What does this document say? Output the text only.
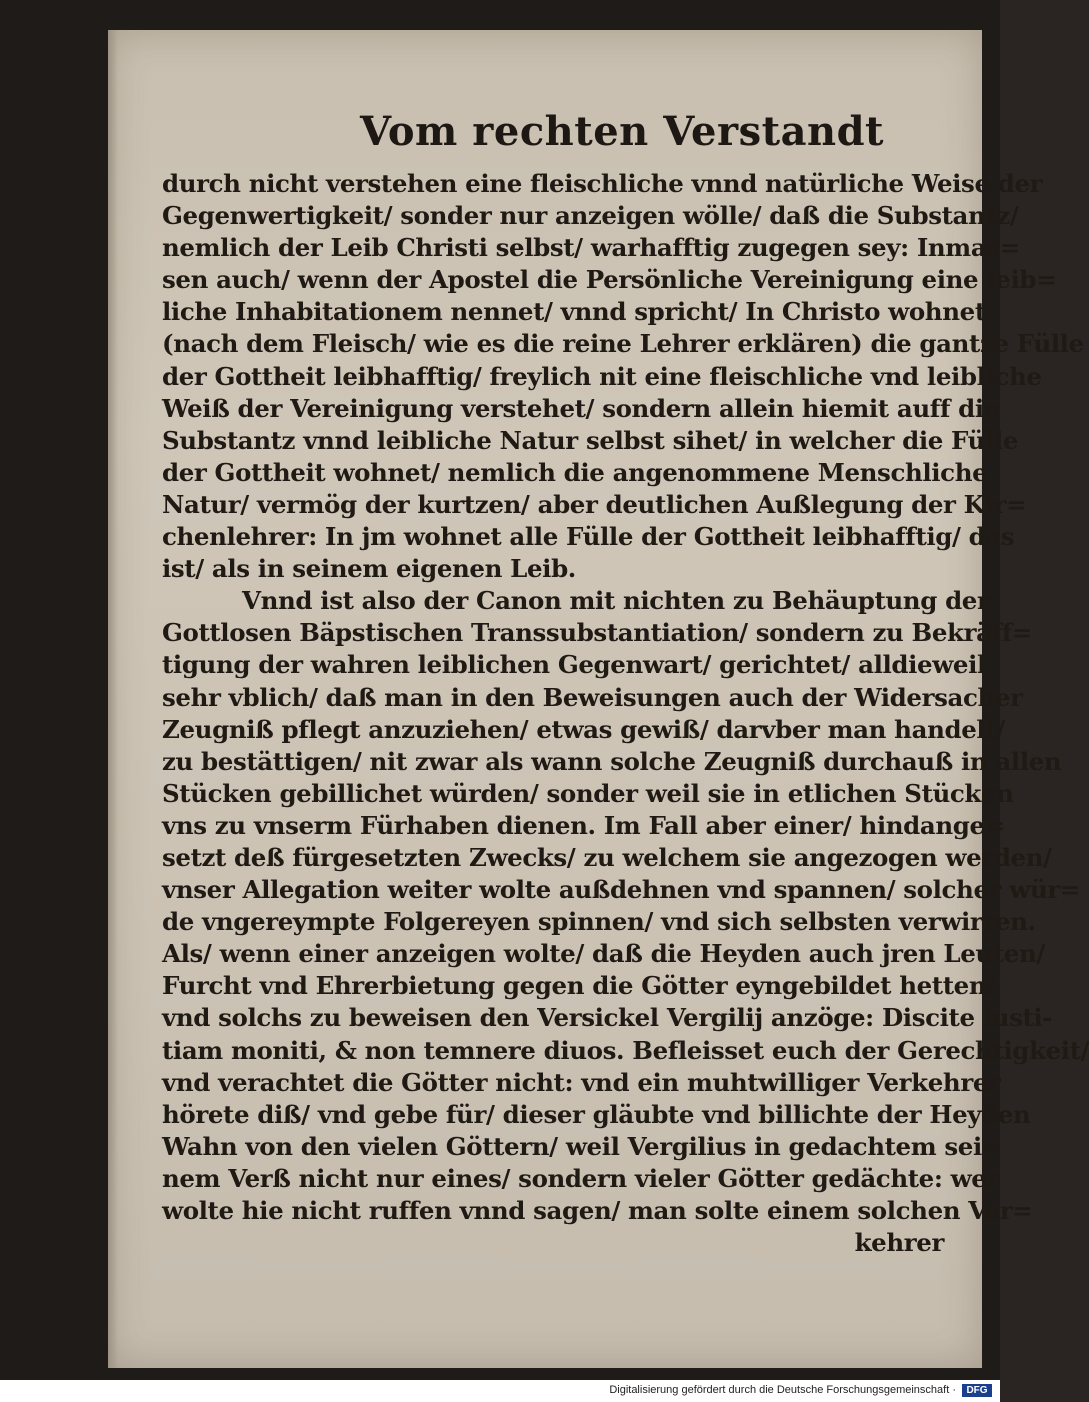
Vom rechten Verstandt
durch nicht verstehen eine fleischliche vnnd natürliche Weise der
Gegenwertigkeit/ sonder nur anzeigen wölle/ daß die Substantz/
nemlich der Leib Christi selbst/ warhafftig zugegen sey: Inmas=
sen auch/ wenn der Apostel die Persönliche Vereinigung eine leib=
liche Inhabitationem nennet/ vnnd spricht/ In Christo wohnet
(nach dem Fleisch/ wie es die reine Lehrer erklären) die gantze Fülle
der Gottheit leibhafftig/ freylich nit eine fleischliche vnd leibliche
Weiß der Vereinigung verstehet/ sondern allein hiemit auff die
Substantz vnnd leibliche Natur selbst sihet/ in welcher die Fülle
der Gottheit wohnet/ nemlich die angenommene Menschliche
Natur/ vermög der kurtzen/ aber deutlichen Außlegung der Kir=
chenlehrer: In jm wohnet alle Fülle der Gottheit leibhafftig/ das
ist/ als in seinem eigenen Leib.
Vnnd ist also der Canon mit nichten zu Behäuptung der
Gottlosen Bäpstischen Transsubstantiation/ sondern zu Bekräff=
tigung der wahren leiblichen Gegenwart/ gerichtet/ alldieweil
sehr vblich/ daß man in den Beweisungen auch der Widersacher
Zeugniß pflegt anzuziehen/ etwas gewiß/ darvber man handelt/
zu bestättigen/ nit zwar als wann solche Zeugniß durchauß in allen
Stücken gebillichet würden/ sonder weil sie in etlichen Stücken
vns zu vnserm Fürhaben dienen. Im Fall aber einer/ hindange=
setzt deß fürgesetzten Zwecks/ zu welchem sie angezogen werden/
vnser Allegation weiter wolte außdehnen vnd spannen/ solcher wür=
de vngereympte Folgereyen spinnen/ vnd sich selbsten verwirren.
Als/ wenn einer anzeigen wolte/ daß die Heyden auch jren Leuten/
Furcht vnd Ehrerbietung gegen die Götter eyngebildet hetten/
vnd solchs zu beweisen den Versickel Vergilij anzöge: Discite iusti-
tiam moniti, & non temnere diuos. Befleisset euch der Gerechtigkeit/
vnd verachtet die Götter nicht: vnd ein muhtwilliger Verkehrer
hörete diß/ vnd gebe für/ dieser gläubte vnd billichte der Heyden
Wahn von den vielen Göttern/ weil Vergilius in gedachtem sei=
nem Verß nicht nur eines/ sondern vieler Götter gedächte: wer
wolte hie nicht ruffen vnnd sagen/ man solte einem solchen Ver=
kehrer
Digitalisierung gefördert durch die Deutsche Forschungsgemeinschaft ·	DFG
